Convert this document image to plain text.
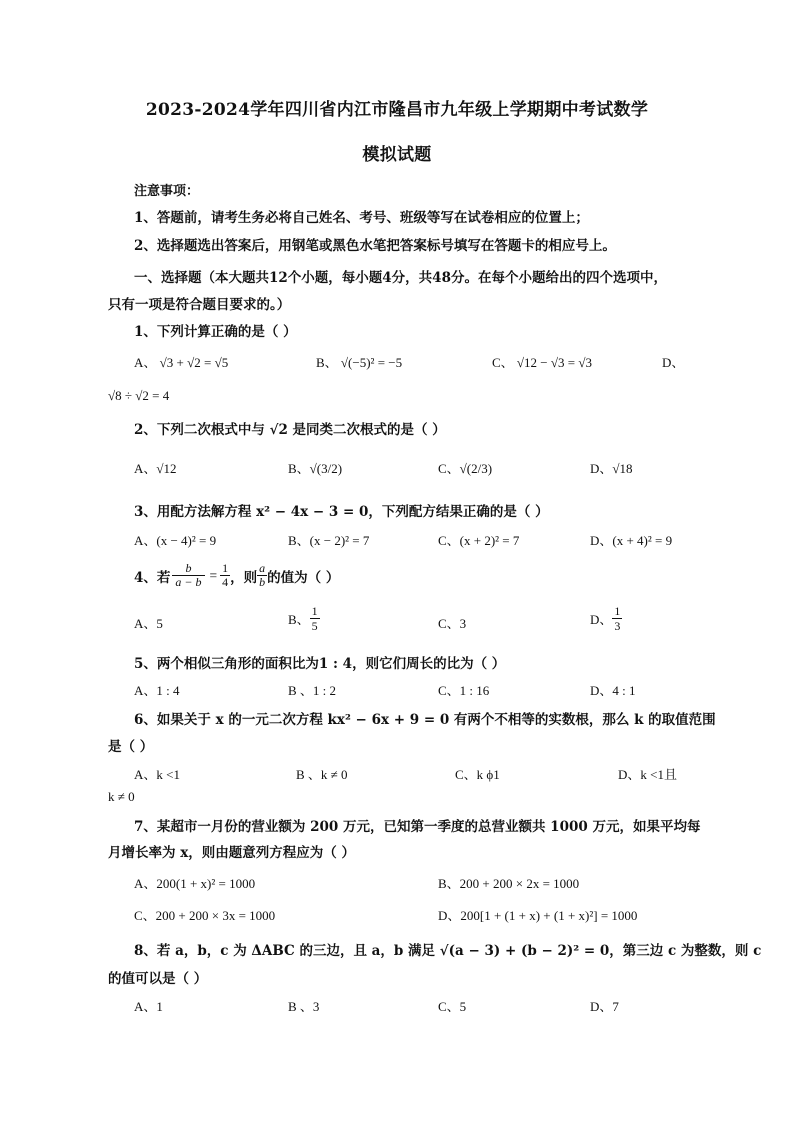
2023-2024学年四川省内江市隆昌市九年级上学期期中考试数学
模拟试题
注意事项：
1、答题前，请考生务必将自己姓名、考号、班级等写在试卷相应的位置上；
2、选择题选出答案后，用钢笔或黑色水笔把答案标号填写在答题卡的相应号上。
一、选择题（本大题共12个小题，每小题4分，共48分。在每个小题给出的四个选项中，
只有一项是符合题目要求的。）
1、下列计算正确的是（ ）
A、 √3 + √2 = √5	B、 √(−5)² = −5	C、 √12 − √3 = √3	D、
√8 ÷ √2 = 4
2、下列二次根式中与 √2 是同类二次根式的是（ ）
A、√12	B、√(3/2)	C、√(2/3)	D、√18
3、用配方法解方程 x² − 4x − 3 = 0，下列配方结果正确的是（ ）
A、(x − 4)² = 9	B、(x − 2)² = 7	C、(x + 2)² = 7	D、(x + 4)² = 9
4、若 $\frac{b}{a - b} = \frac{1}{4}$ ，则 $\frac{a}{b}$ 的值为（ ）
A、5	B、 $\frac{1}{5}$	C、3	D、 $\frac{1}{3}$
5、两个相似三角形的面积比为1 : 4，则它们周长的比为（ ）
A、1 : 4	B 、1 : 2	C、1 : 16	D、4 : 1
6、如果关于 x 的一元二次方程 kx² − 6x + 9 = 0 有两个不相等的实数根，那么 k 的取值范围
是（ ）
A、k <1	B 、k ≠ 0	C、k ϕ1	D、k <1且
k ≠ 0
7、某超市一月份的营业额为 200 万元，已知第一季度的总营业额共 1000 万元，如果平均每
月增长率为 x，则由题意列方程应为（ ）
A、200(1 + x)² = 1000	B、200 + 200 × 2x = 1000
C、200 + 200 × 3x = 1000	D、200[1 + (1 + x) + (1 + x)²] = 1000
8、若 a，b，c 为 ΔABC 的三边，且 a，b 满足 √(a − 3) + (b − 2)² = 0，第三边 c 为整数，则 c
的值可以是（ ）
A、1	B 、3	C、5	D、7
